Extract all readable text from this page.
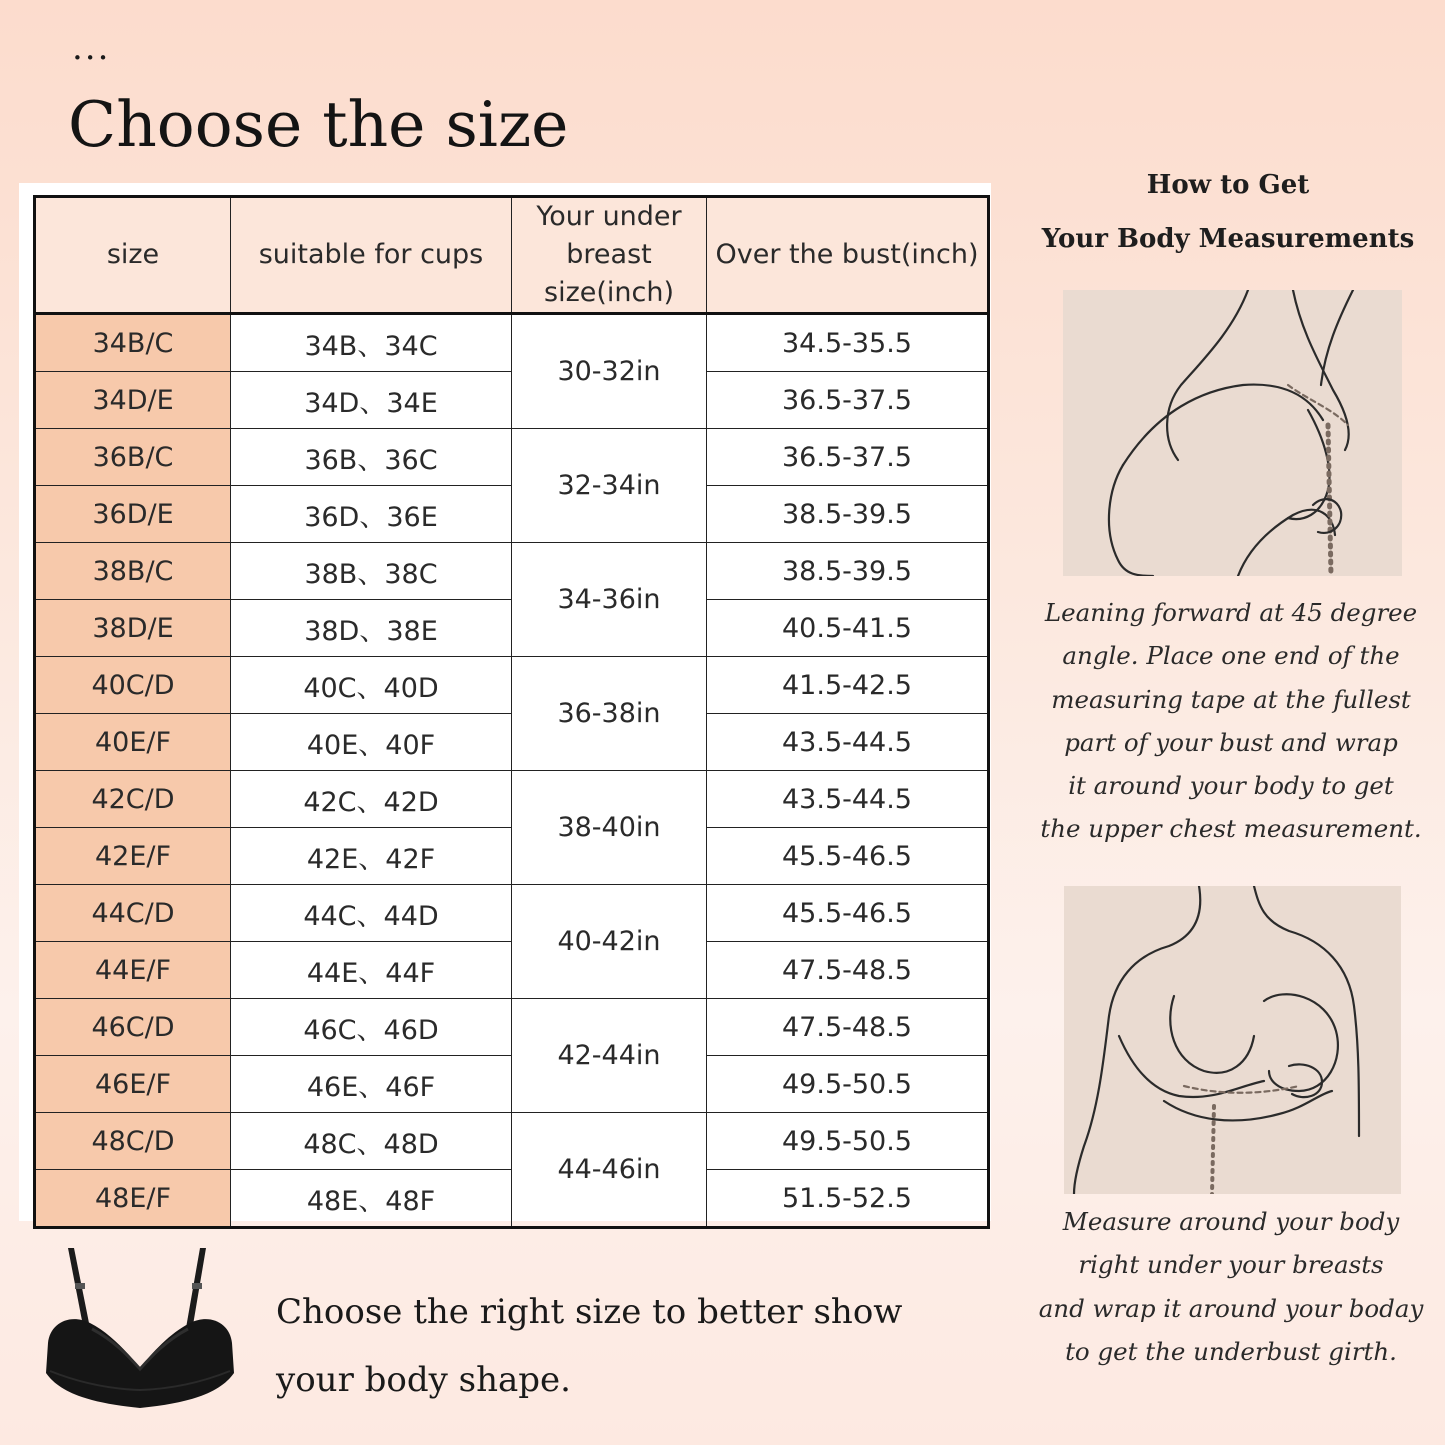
...
Choose the size
size	suitable for cups	Your under
breast
size(inch)	Over the bust(inch)
34B/C	34B、34C	30-32in	34.5-35.5
34D/E	34D、34E		36.5-37.5
36B/C	36B、36C	32-34in	36.5-37.5
36D/E	36D、36E		38.5-39.5
38B/C	38B、38C	34-36in	38.5-39.5
38D/E	38D、38E		40.5-41.5
40C/D	40C、40D	36-38in	41.5-42.5
40E/F	40E、40F		43.5-44.5
42C/D	42C、42D	38-40in	43.5-44.5
42E/F	42E、42F		45.5-46.5
44C/D	44C、44D	40-42in	45.5-46.5
44E/F	44E、44F		47.5-48.5
46C/D	46C、46D	42-44in	47.5-48.5
46E/F	46E、46F		49.5-50.5
48C/D	48C、48D	44-46in	49.5-50.5
48E/F	48E、48F		51.5-52.5
How to Get
Your Body Measurements
Leaning forward at 45 degree
angle. Place one end of the
measuring tape at the fullest
part of your bust and wrap
it around your body to get
the upper chest measurement.
Measure around your body
right under your breasts
and wrap it around your boday
to get the underbust girth.
Choose the right size to better show
your body shape.
